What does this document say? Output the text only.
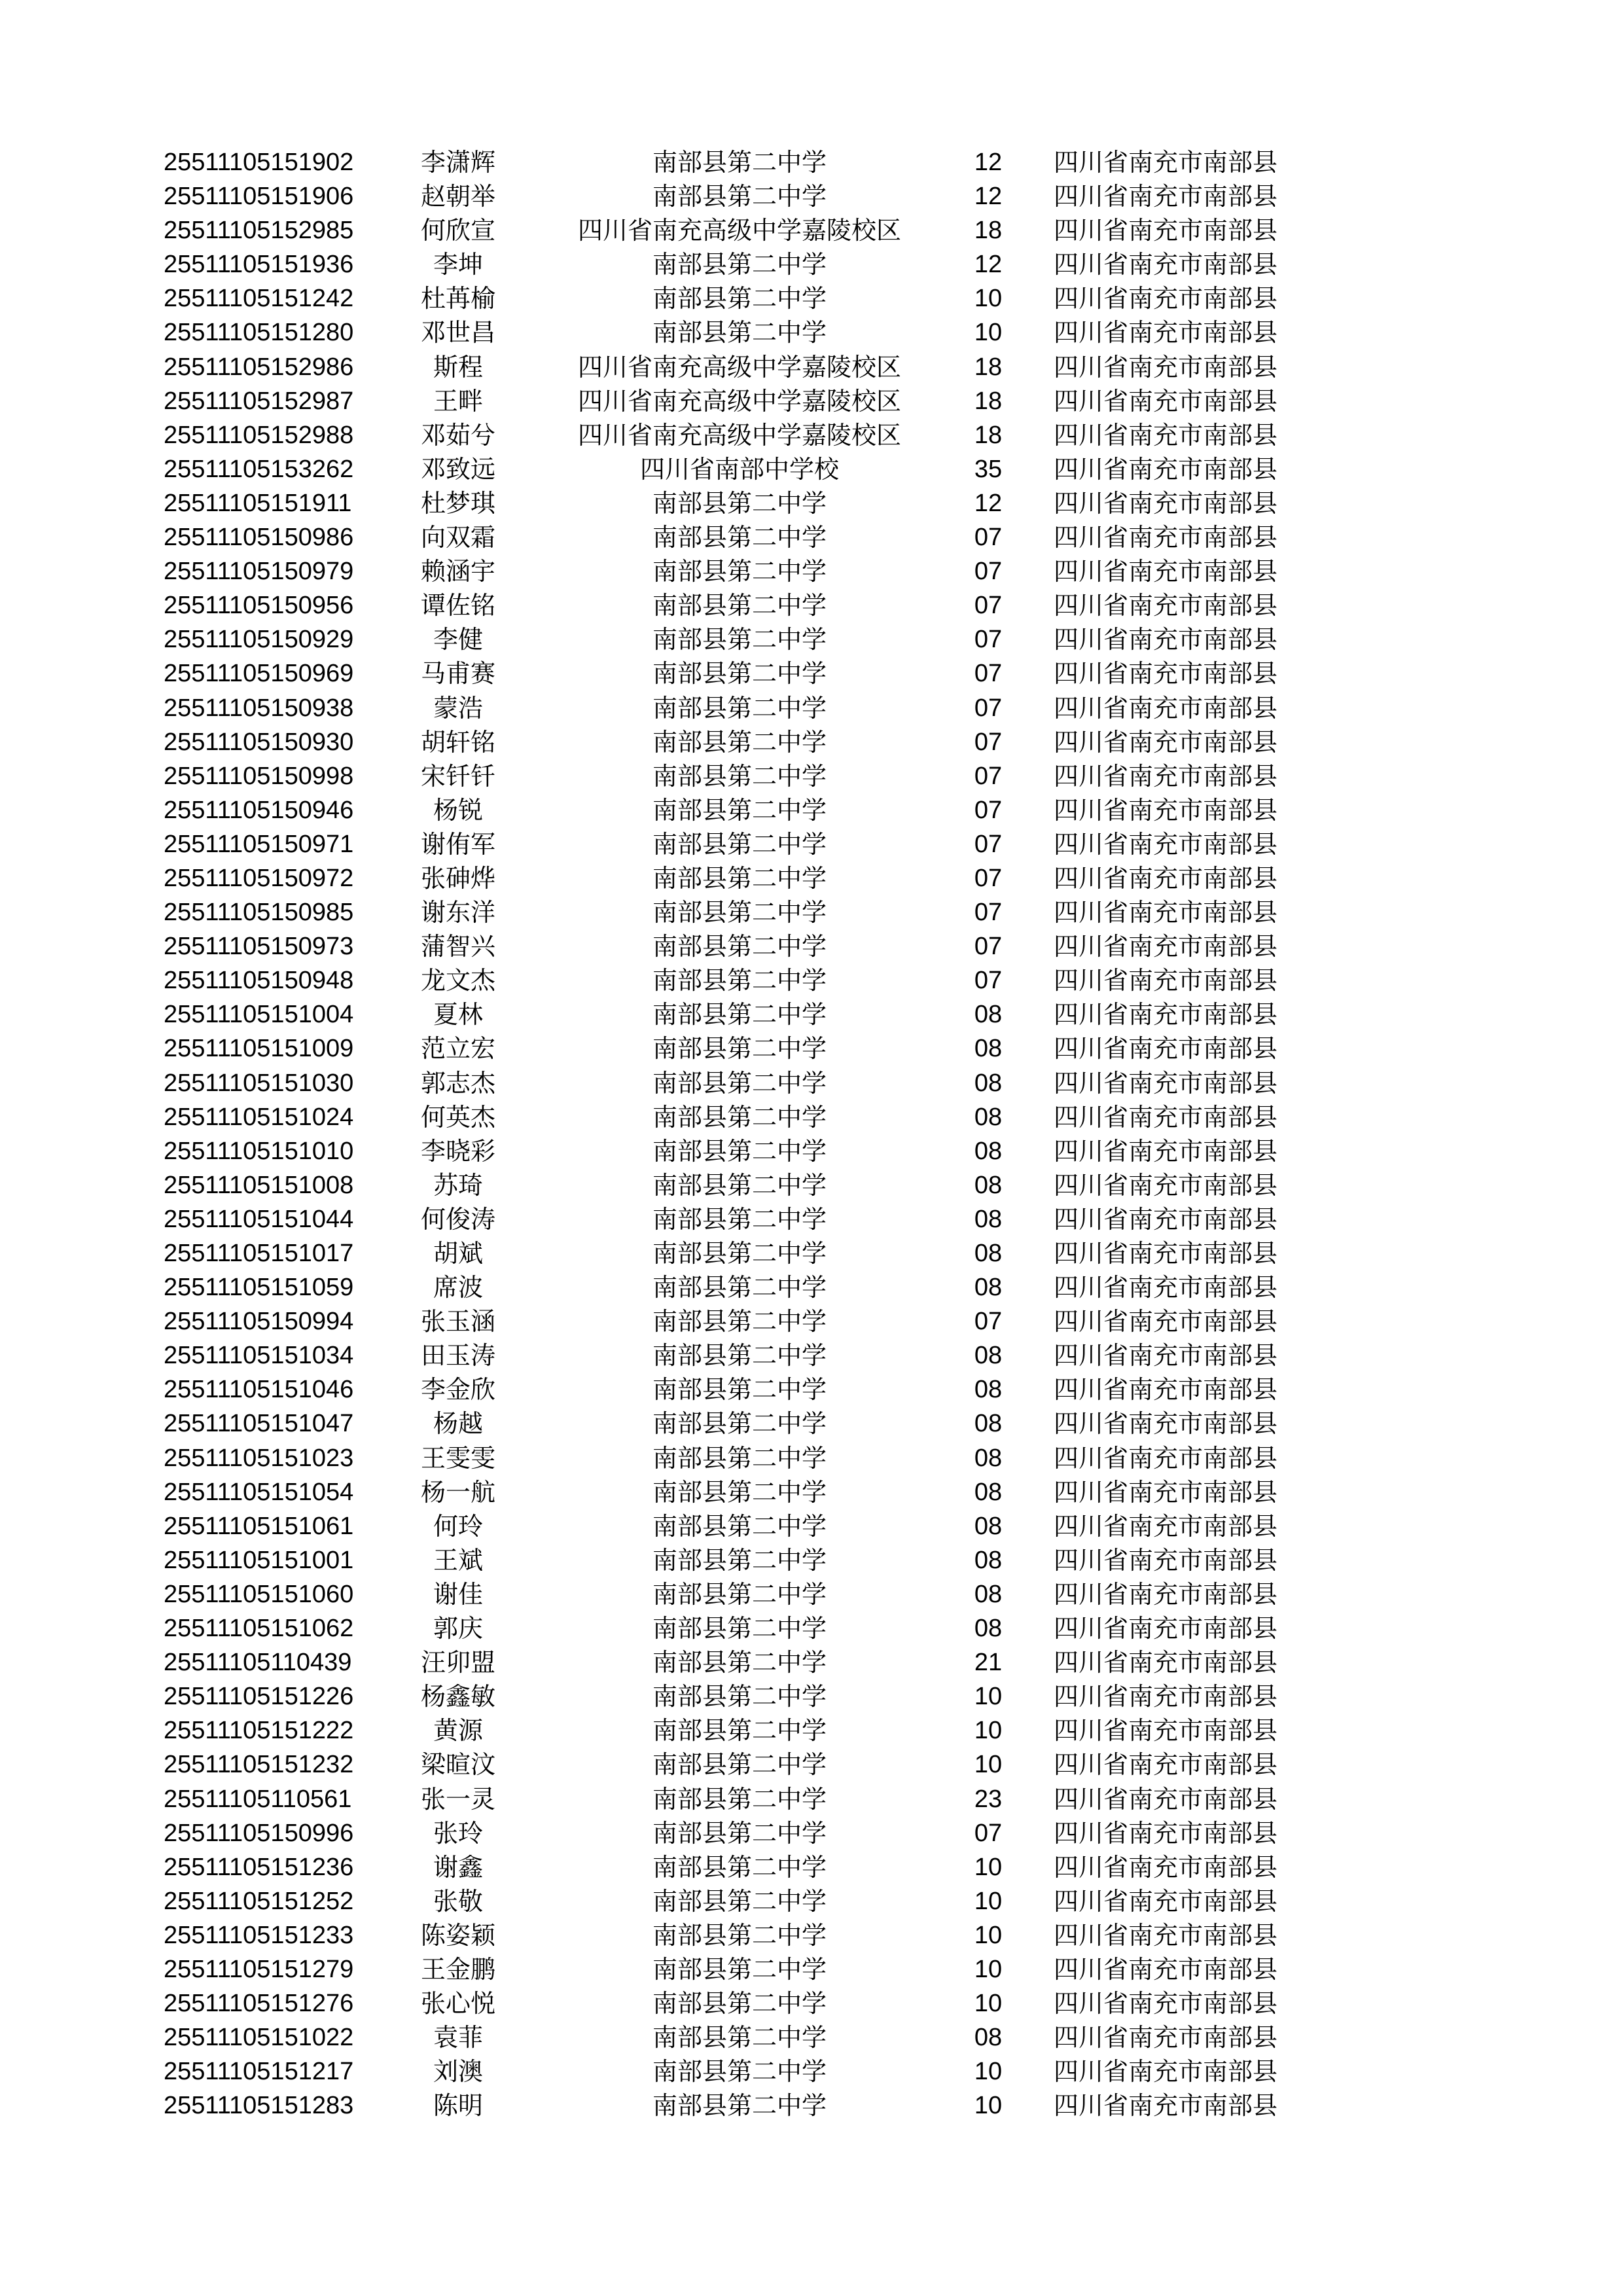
25511105151902	李潇辉	南部县第二中学	12	四川省南充市南部县
25511105151906	赵朝举	南部县第二中学	12	四川省南充市南部县
25511105152985	何欣宣	四川省南充高级中学嘉陵校区	18	四川省南充市南部县
25511105151936	李坤	南部县第二中学	12	四川省南充市南部县
25511105151242	杜苒榆	南部县第二中学	10	四川省南充市南部县
25511105151280	邓世昌	南部县第二中学	10	四川省南充市南部县
25511105152986	斯程	四川省南充高级中学嘉陵校区	18	四川省南充市南部县
25511105152987	王畔	四川省南充高级中学嘉陵校区	18	四川省南充市南部县
25511105152988	邓茹兮	四川省南充高级中学嘉陵校区	18	四川省南充市南部县
25511105153262	邓致远	四川省南部中学校	35	四川省南充市南部县
25511105151911	杜梦琪	南部县第二中学	12	四川省南充市南部县
25511105150986	向双霜	南部县第二中学	07	四川省南充市南部县
25511105150979	赖涵宇	南部县第二中学	07	四川省南充市南部县
25511105150956	谭佐铭	南部县第二中学	07	四川省南充市南部县
25511105150929	李健	南部县第二中学	07	四川省南充市南部县
25511105150969	马甫赛	南部县第二中学	07	四川省南充市南部县
25511105150938	蒙浩	南部县第二中学	07	四川省南充市南部县
25511105150930	胡轩铭	南部县第二中学	07	四川省南充市南部县
25511105150998	宋钎钎	南部县第二中学	07	四川省南充市南部县
25511105150946	杨锐	南部县第二中学	07	四川省南充市南部县
25511105150971	谢侑军	南部县第二中学	07	四川省南充市南部县
25511105150972	张砷烨	南部县第二中学	07	四川省南充市南部县
25511105150985	谢东洋	南部县第二中学	07	四川省南充市南部县
25511105150973	蒲智兴	南部县第二中学	07	四川省南充市南部县
25511105150948	龙文杰	南部县第二中学	07	四川省南充市南部县
25511105151004	夏林	南部县第二中学	08	四川省南充市南部县
25511105151009	范立宏	南部县第二中学	08	四川省南充市南部县
25511105151030	郭志杰	南部县第二中学	08	四川省南充市南部县
25511105151024	何英杰	南部县第二中学	08	四川省南充市南部县
25511105151010	李晓彩	南部县第二中学	08	四川省南充市南部县
25511105151008	苏琦	南部县第二中学	08	四川省南充市南部县
25511105151044	何俊涛	南部县第二中学	08	四川省南充市南部县
25511105151017	胡斌	南部县第二中学	08	四川省南充市南部县
25511105151059	席波	南部县第二中学	08	四川省南充市南部县
25511105150994	张玉涵	南部县第二中学	07	四川省南充市南部县
25511105151034	田玉涛	南部县第二中学	08	四川省南充市南部县
25511105151046	李金欣	南部县第二中学	08	四川省南充市南部县
25511105151047	杨越	南部县第二中学	08	四川省南充市南部县
25511105151023	王雯雯	南部县第二中学	08	四川省南充市南部县
25511105151054	杨一航	南部县第二中学	08	四川省南充市南部县
25511105151061	何玲	南部县第二中学	08	四川省南充市南部县
25511105151001	王斌	南部县第二中学	08	四川省南充市南部县
25511105151060	谢佳	南部县第二中学	08	四川省南充市南部县
25511105151062	郭庆	南部县第二中学	08	四川省南充市南部县
25511105110439	汪卯盟	南部县第二中学	21	四川省南充市南部县
25511105151226	杨鑫敏	南部县第二中学	10	四川省南充市南部县
25511105151222	黄源	南部县第二中学	10	四川省南充市南部县
25511105151232	梁暄汶	南部县第二中学	10	四川省南充市南部县
25511105110561	张一灵	南部县第二中学	23	四川省南充市南部县
25511105150996	张玲	南部县第二中学	07	四川省南充市南部县
25511105151236	谢鑫	南部县第二中学	10	四川省南充市南部县
25511105151252	张敬	南部县第二中学	10	四川省南充市南部县
25511105151233	陈姿颖	南部县第二中学	10	四川省南充市南部县
25511105151279	王金鹏	南部县第二中学	10	四川省南充市南部县
25511105151276	张心悦	南部县第二中学	10	四川省南充市南部县
25511105151022	袁菲	南部县第二中学	08	四川省南充市南部县
25511105151217	刘澳	南部县第二中学	10	四川省南充市南部县
25511105151283	陈明	南部县第二中学	10	四川省南充市南部县
